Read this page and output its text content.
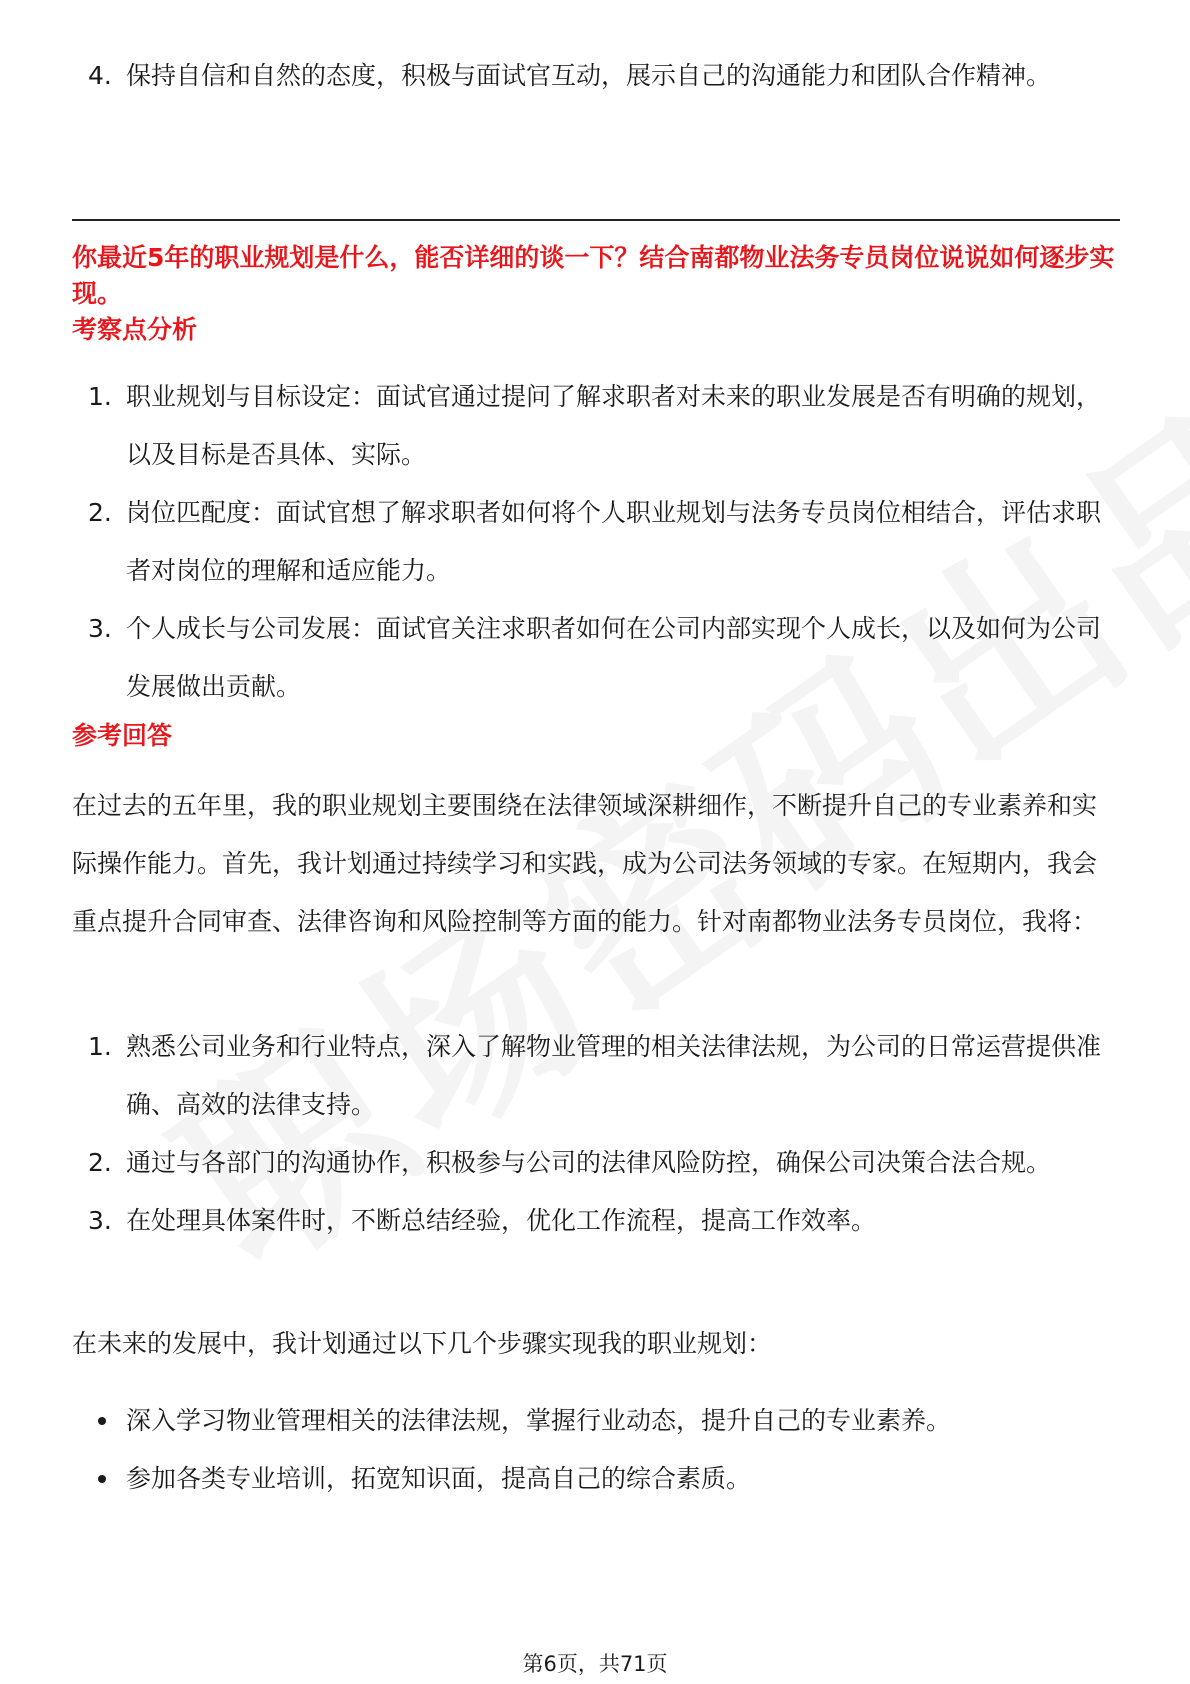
4. 保持自信和自然的态度，积极与面试官互动，展示自己的沟通能力和团队合作精神。
你最近5年的职业规划是什么，能否详细的谈一下？结合南都物业法务专员岗位说说如何逐步实现。
考察点分析
1. 职业规划与目标设定：面试官通过提问了解求职者对未来的职业发展是否有明确的规划，以及目标是否具体、实际。
2. 岗位匹配度：面试官想了解求职者如何将个人职业规划与法务专员岗位相结合，评估求职者对岗位的理解和适应能力。
3. 个人成长与公司发展：面试官关注求职者如何在公司内部实现个人成长，以及如何为公司发展做出贡献。
参考回答
在过去的五年里，我的职业规划主要围绕在法律领域深耕细作，不断提升自己的专业素养和实际操作能力。首先，我计划通过持续学习和实践，成为公司法务领域的专家。在短期内，我会重点提升合同审查、法律咨询和风险控制等方面的能力。针对南都物业法务专员岗位，我将：
1. 熟悉公司业务和行业特点，深入了解物业管理的相关法律法规，为公司的日常运营提供准确、高效的法律支持。
2. 通过与各部门的沟通协作，积极参与公司的法律风险防控，确保公司决策合法合规。
3. 在处理具体案件时，不断总结经验，优化工作流程，提高工作效率。
在未来的发展中，我计划通过以下几个步骤实现我的职业规划：
深入学习物业管理相关的法律法规，掌握行业动态，提升自己的专业素养。
参加各类专业培训，拓宽知识面，提高自己的综合素质。
第6页，共71页
